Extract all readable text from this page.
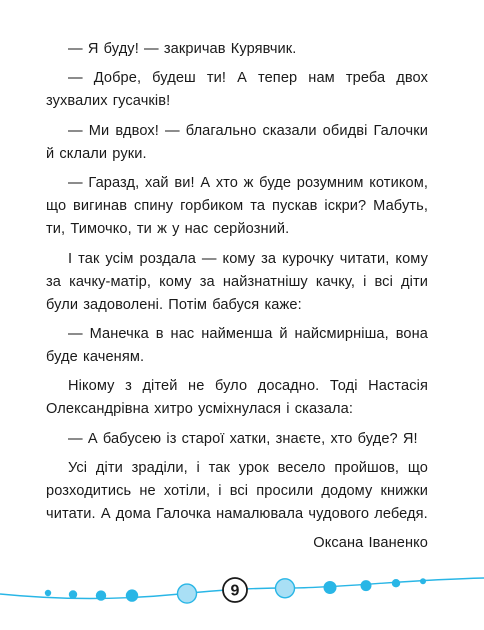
— Я буду! — закричав Курявчик.

— Добре, будеш ти! А тепер нам треба двох зухвалих гусачків!

— Ми вдвох! — благально сказали обидві Галочки й склали руки.

— Гаразд, хай ви! А хто ж буде розумним котиком, що вигинав спину горбиком та пускав іскри? Мабуть, ти, Тимочко, ти ж у нас серйозний.

І так усім роздала — кому за курочку читати, кому за качку-матір, кому за найзнатнішу качку, і всі діти були задоволені. Потім бабуся каже:

— Манечка в нас найменша й найсмирніша, вона буде каченям.

Нікому з дітей не було досадно. Тоді Настасія Олександрівна хитро усміхнулася і сказала:

— А бабусею із старої хатки, знаєте, хто буде? Я!

Усі діти зраділи, і так урок весело пройшов, що розходитись не хотіли, і всі просили додому книжки читати. А дома Галочка намалювала чудового лебедя.

Оксана Іваненко

9
